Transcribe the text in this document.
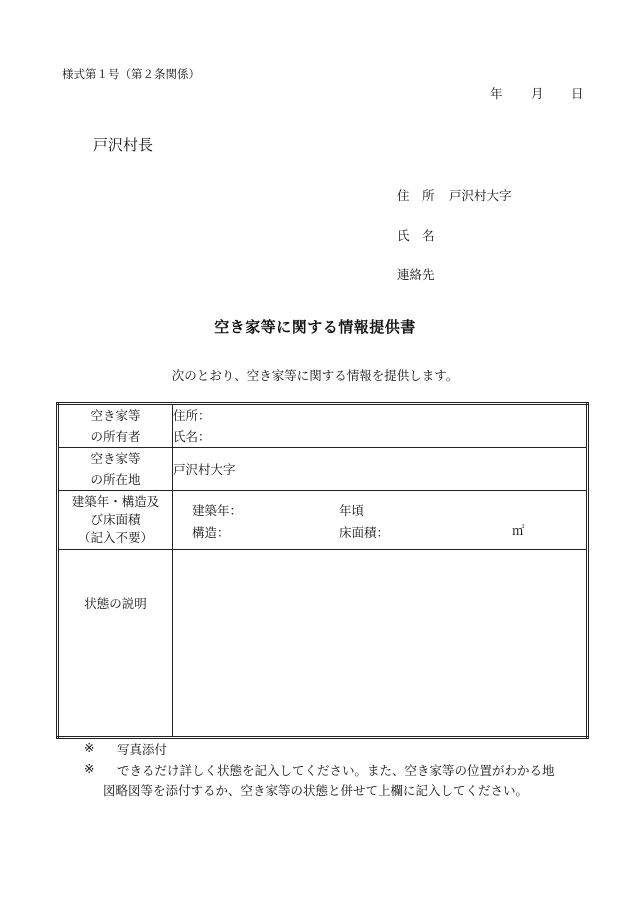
様式第１号（第２条関係）
年 月 日
戸沢村長
住　所 戸沢村大字
氏　名
連絡先
空き家等に関する情報提供書
次のとおり、空き家等に関する情報を提供します。
空き家等
の所有者	住所：
氏名：

空き家等
の所在地	戸沢村大字

建築年・構造及
び床面積
（記入不要）	建築年： 年頃
構造： 床面積： ㎡

状態の説明	

※ 写真添付
※ できるだけ詳しく状態を記入してください。また、空き家等の位置がわかる地
図略図等を添付するか、空き家等の状態と併せて上欄に記入してください。
